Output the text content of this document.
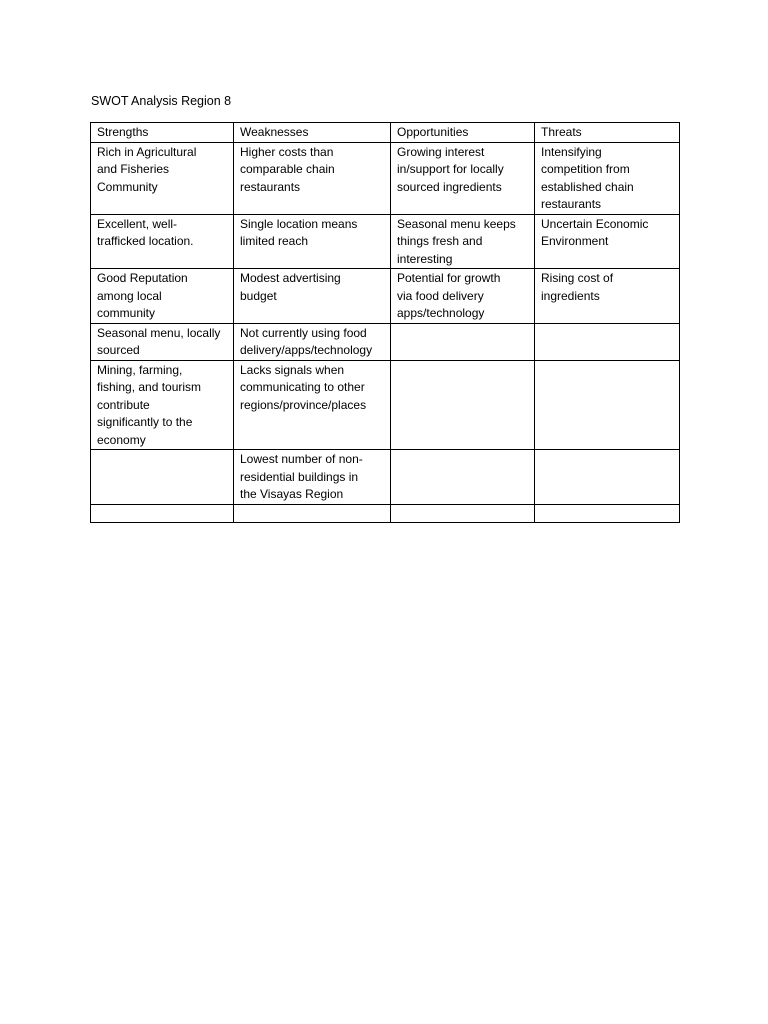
SWOT Analysis Region 8
Strengths	Weaknesses	Opportunities	Threats
Rich in Agricultural
and Fisheries
Community	Higher costs than
comparable chain
restaurants	Growing interest
in/support for locally
sourced ingredients	Intensifying
competition from
established chain
restaurants
Excellent, well-
trafficked location.	Single location means
limited reach	Seasonal menu keeps
things fresh and
interesting	Uncertain Economic
Environment
Good Reputation
among local
community	Modest advertising
budget	Potential for growth
via food delivery
apps/technology	Rising cost of
ingredients
Seasonal menu, locally
sourced	Not currently using food
delivery/apps/technology		
Mining, farming,
fishing, and tourism
contribute
significantly to the
economy	Lacks signals when
communicating to other
regions/province/places		
	Lowest number of non-
residential buildings in
the Visayas Region		
